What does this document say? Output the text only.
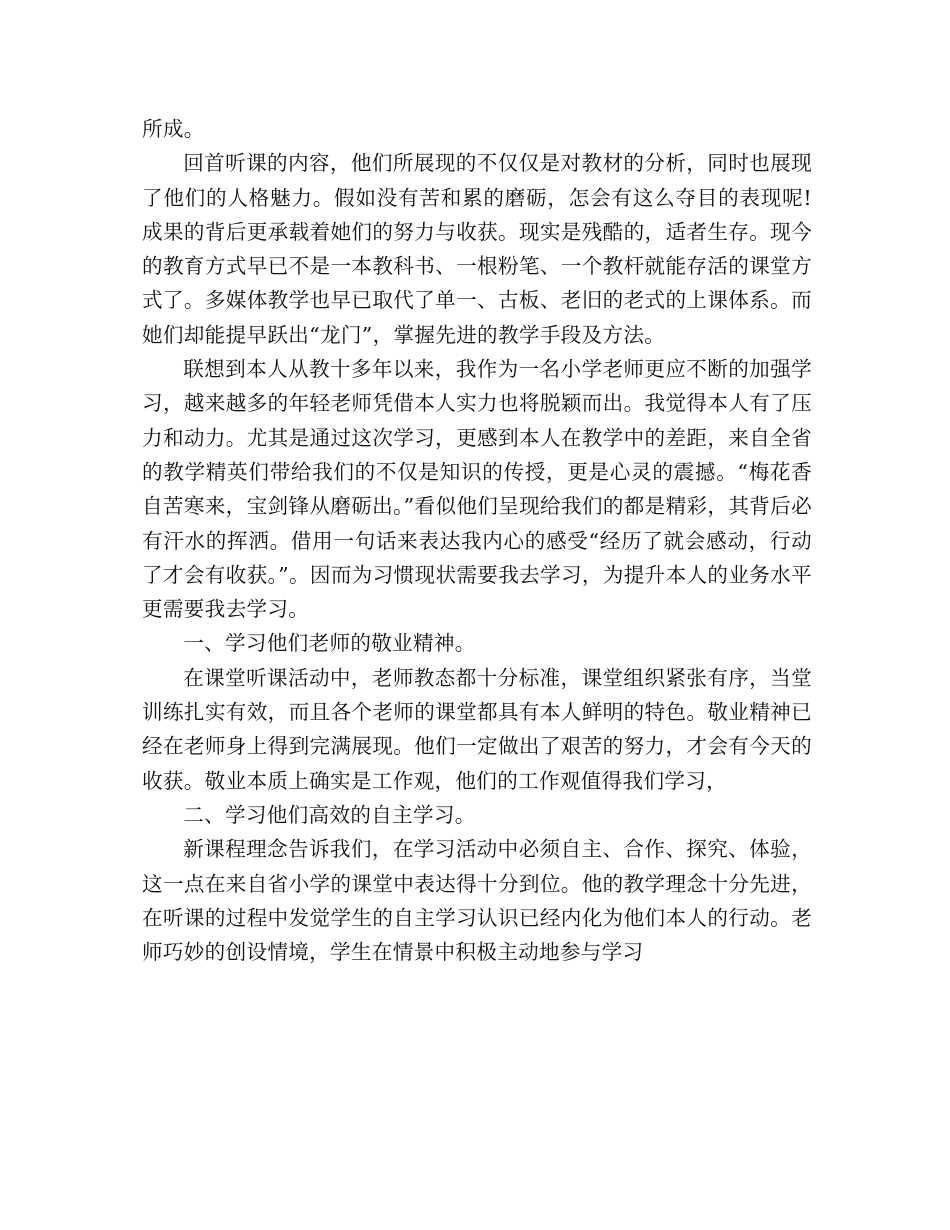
所成。

回首听课的内容，他们所展现的不仅仅是对教材的分析，同时也展现了他们的人格魅力。假如没有苦和累的磨砺，怎会有这么夺目的表现呢!成果的背后更承载着她们的努力与收获。现实是残酷的，适者生存。现今的教育方式早已不是一本教科书、一根粉笔、一个教杆就能存活的课堂方式了。多媒体教学也早已取代了单一、古板、老旧的老式的上课体系。而她们却能提早跃出“龙门”，掌握先进的教学手段及方法。

联想到本人从教十多年以来，我作为一名小学老师更应不断的加强学习，越来越多的年轻老师凭借本人实力也将脱颖而出。我觉得本人有了压力和动力。尤其是通过这次学习，更感到本人在教学中的差距，来自全省的教学精英们带给我们的不仅是知识的传授，更是心灵的震撼。“梅花香自苦寒来，宝剑锋从磨砺出。”看似他们呈现给我们的都是精彩，其背后必有汗水的挥洒。借用一句话来表达我内心的感受“经历了就会感动，行动了才会有收获。”。因而为习惯现状需要我去学习，为提升本人的业务水平更需要我去学习。

一、学习他们老师的敬业精神。

在课堂听课活动中，老师教态都十分标准，课堂组织紧张有序，当堂训练扎实有效，而且各个老师的课堂都具有本人鲜明的特色。敬业精神已经在老师身上得到完满展现。他们一定做出了艰苦的努力，才会有今天的收获。敬业本质上确实是工作观，他们的工作观值得我们学习，

二、学习他们高效的自主学习。

新课程理念告诉我们，在学习活动中必须自主、合作、探究、体验，这一点在来自省小学的课堂中表达得十分到位。他的教学理念十分先进，在听课的过程中发觉学生的自主学习认识已经内化为他们本人的行动。老师巧妙的创设情境，学生在情景中积极主动地参与学习
